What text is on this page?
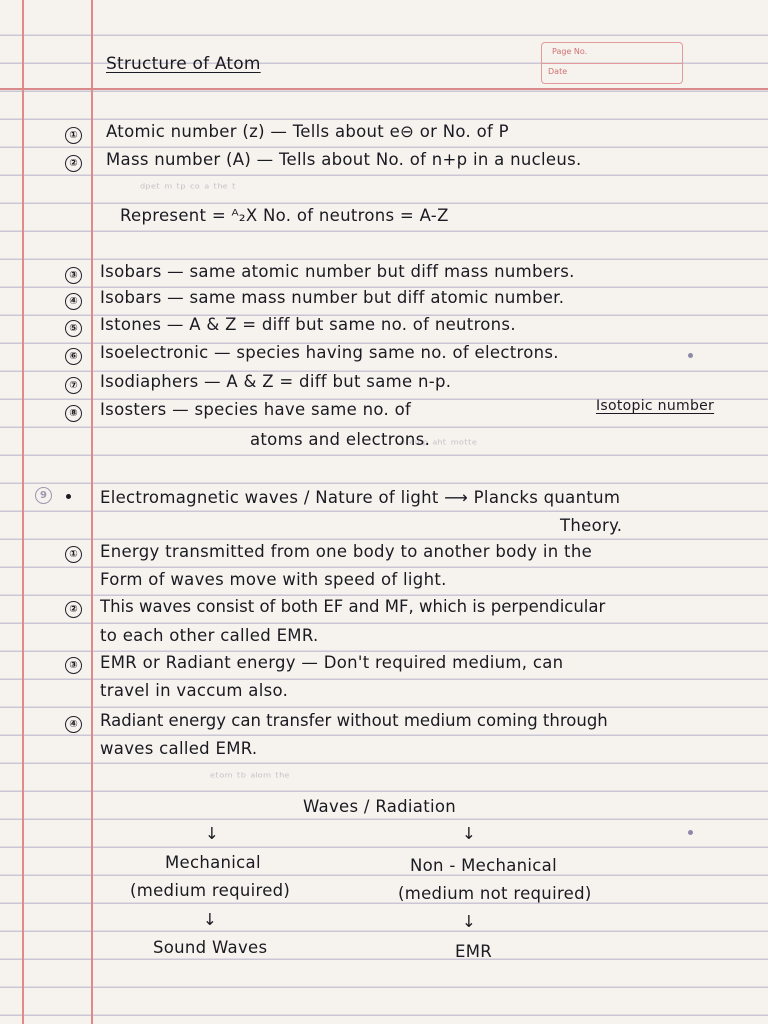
Structure of Atom
Page No.
Date
ᵈᵖᵉᵗ ᵐ ᵗᵖ ᶜᵒ ᵃ ᵗʰᵉ ᵗ
ᵒᵗᵉᵐᵖ ᵃʰᵗ ᵐᵒᵗᵗᵉ
ᵉᵗᵒᵐ ᵗᵇ ᵃˡᵒᵐ ᵗʰᵉ
① Atomic number (z) — Tells about e⊖ or No. of P
② Mass number (A) — Tells about No. of n+p in a nucleus.
Represent = ᴬ₂X No. of neutrons = A-Z
③ Isobars — same atomic number but diff mass numbers.
④ Isobars — same mass number but diff atomic number.
⑤ Istones — A & Z = diff but same no. of neutrons.
⑥ Isoelectronic — species having same no. of electrons.
⑦ Isodiaphers — A & Z = diff but same n-p.
⑧ Isosters — species have same no. of	Isotopic number
atoms and electrons.
9	Electromagnetic waves / Nature of light ⟶ Plancks quantum
Theory.
① Energy transmitted from one body to another body in the
Form of waves move with speed of light.
② This waves consist of both EF and MF, which is perpendicular
to each other called EMR.
③ EMR or Radiant energy — Don't required medium, can
travel in vaccum also.
④ Radiant energy can transfer without medium coming through
waves called EMR.
Waves / Radiation
↓	↓
Mechanical	Non - Mechanical
(medium required)	(medium not required)
↓	↓
Sound Waves	EMR
